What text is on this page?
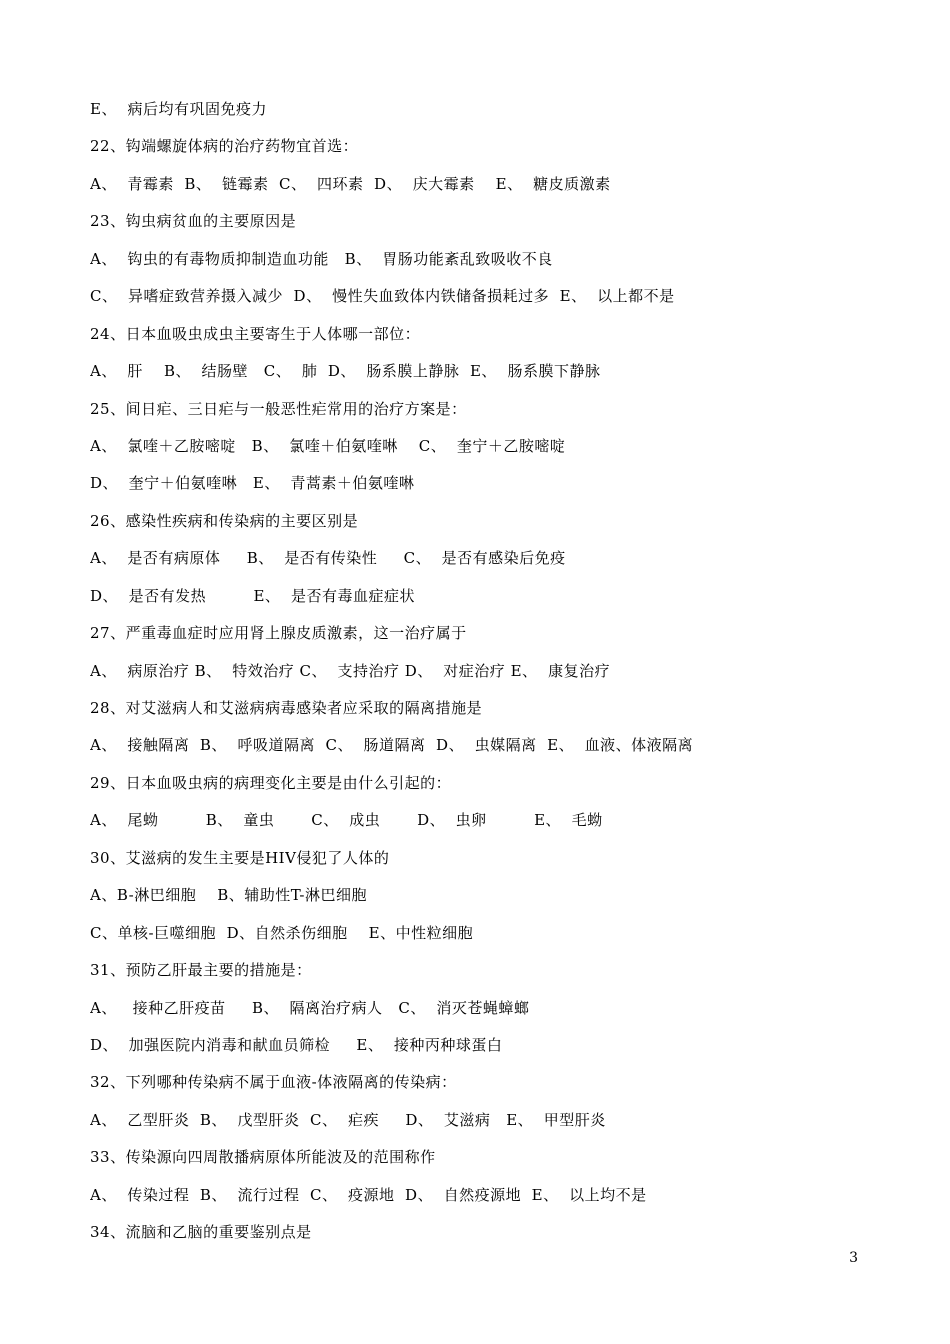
E、  病后均有巩固免疫力
22、钩端螺旋体病的治疗药物宜首选：
A、  青霉素  B、  链霉素  C、  四环素  D、  庆大霉素    E、  糖皮质激素
23、钩虫病贫血的主要原因是
A、  钩虫的有毒物质抑制造血功能   B、  胃肠功能紊乱致吸收不良
C、  异嗜症致营养摄入减少  D、  慢性失血致体内铁储备损耗过多  E、  以上都不是
24、日本血吸虫成虫主要寄生于人体哪一部位：
A、  肝    B、  结肠壁   C、  肺  D、  肠系膜上静脉  E、  肠系膜下静脉
25、间日疟、三日疟与一般恶性疟常用的治疗方案是：
A、  氯喹＋乙胺嘧啶   B、  氯喹＋伯氨喹啉    C、  奎宁＋乙胺嘧啶
D、  奎宁＋伯氨喹啉   E、  青蒿素＋伯氨喹啉
26、感染性疾病和传染病的主要区别是
A、  是否有病原体     B、  是否有传染性     C、  是否有感染后免疫
D、  是否有发热         E、  是否有毒血症症状
27、严重毒血症时应用肾上腺皮质激素，这一治疗属于
A、  病原治疗 B、  特效治疗 C、  支持治疗 D、  对症治疗 E、  康复治疗
28、对艾滋病人和艾滋病病毒感染者应采取的隔离措施是
A、  接触隔离  B、  呼吸道隔离  C、  肠道隔离  D、  虫媒隔离  E、  血液、体液隔离
29、日本血吸虫病的病理变化主要是由什么引起的：
A、  尾蚴         B、  童虫       C、  成虫       D、  虫卵         E、  毛蚴
30、艾滋病的发生主要是HIV侵犯了人体的
A、B-淋巴细胞    B、辅助性T-淋巴细胞
C、单核-巨噬细胞  D、自然杀伤细胞    E、中性粒细胞
31、预防乙肝最主要的措施是：
A、   接种乙肝疫苗     B、  隔离治疗病人   C、  消灭苍蝇蟑螂
D、  加强医院内消毒和献血员筛检     E、  接种丙种球蛋白
32、下列哪种传染病不属于血液-体液隔离的传染病：
A、  乙型肝炎  B、  戊型肝炎  C、  疟疾     D、  艾滋病   E、  甲型肝炎
33、传染源向四周散播病原体所能波及的范围称作
A、  传染过程  B、  流行过程  C、  疫源地  D、  自然疫源地  E、  以上均不是
34、流脑和乙脑的重要鉴别点是
3
